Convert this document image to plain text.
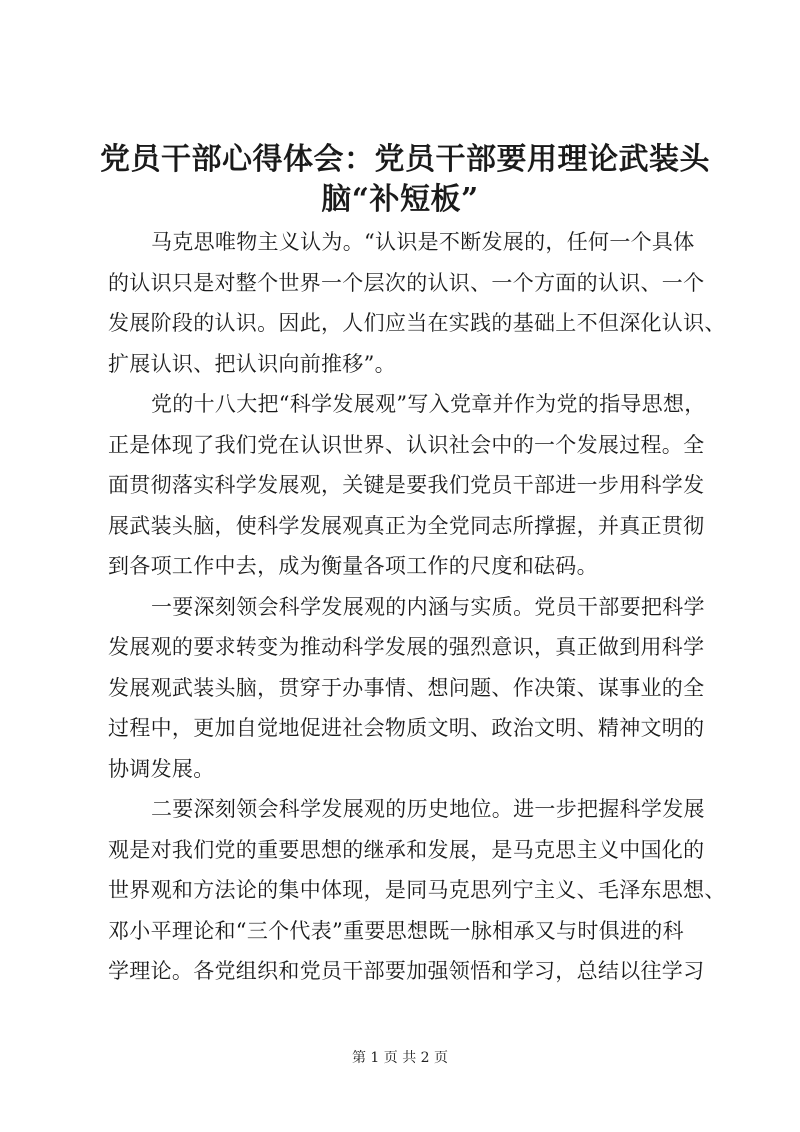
党员干部心得体会：党员干部要用理论武装头
脑“补短板”
马克思唯物主义认为。“认识是不断发展的，任何一个具体
的认识只是对整个世界一个层次的认识、一个方面的认识、一个
发展阶段的认识。因此，人们应当在实践的基础上不但深化认识、
扩展认识、把认识向前推移”。
党的十八大把“科学发展观”写入党章并作为党的指导思想，
正是体现了我们党在认识世界、认识社会中的一个发展过程。全
面贯彻落实科学发展观，关键是要我们党员干部进一步用科学发
展武装头脑，使科学发展观真正为全党同志所撑握，并真正贯彻
到各项工作中去，成为衡量各项工作的尺度和砝码。
一要深刻领会科学发展观的内涵与实质。党员干部要把科学
发展观的要求转变为推动科学发展的强烈意识，真正做到用科学
发展观武装头脑，贯穿于办事情、想问题、作决策、谋事业的全
过程中，更加自觉地促进社会物质文明、政治文明、精神文明的
协调发展。
二要深刻领会科学发展观的历史地位。进一步把握科学发展
观是对我们党的重要思想的继承和发展，是马克思主义中国化的
世界观和方法论的集中体现，是同马克思列宁主义、毛泽东思想、
邓小平理论和“三个代表”重要思想既一脉相承又与时俱进的科
学理论。各党组织和党员干部要加强领悟和学习，总结以往学习
第 1 页 共 2 页
